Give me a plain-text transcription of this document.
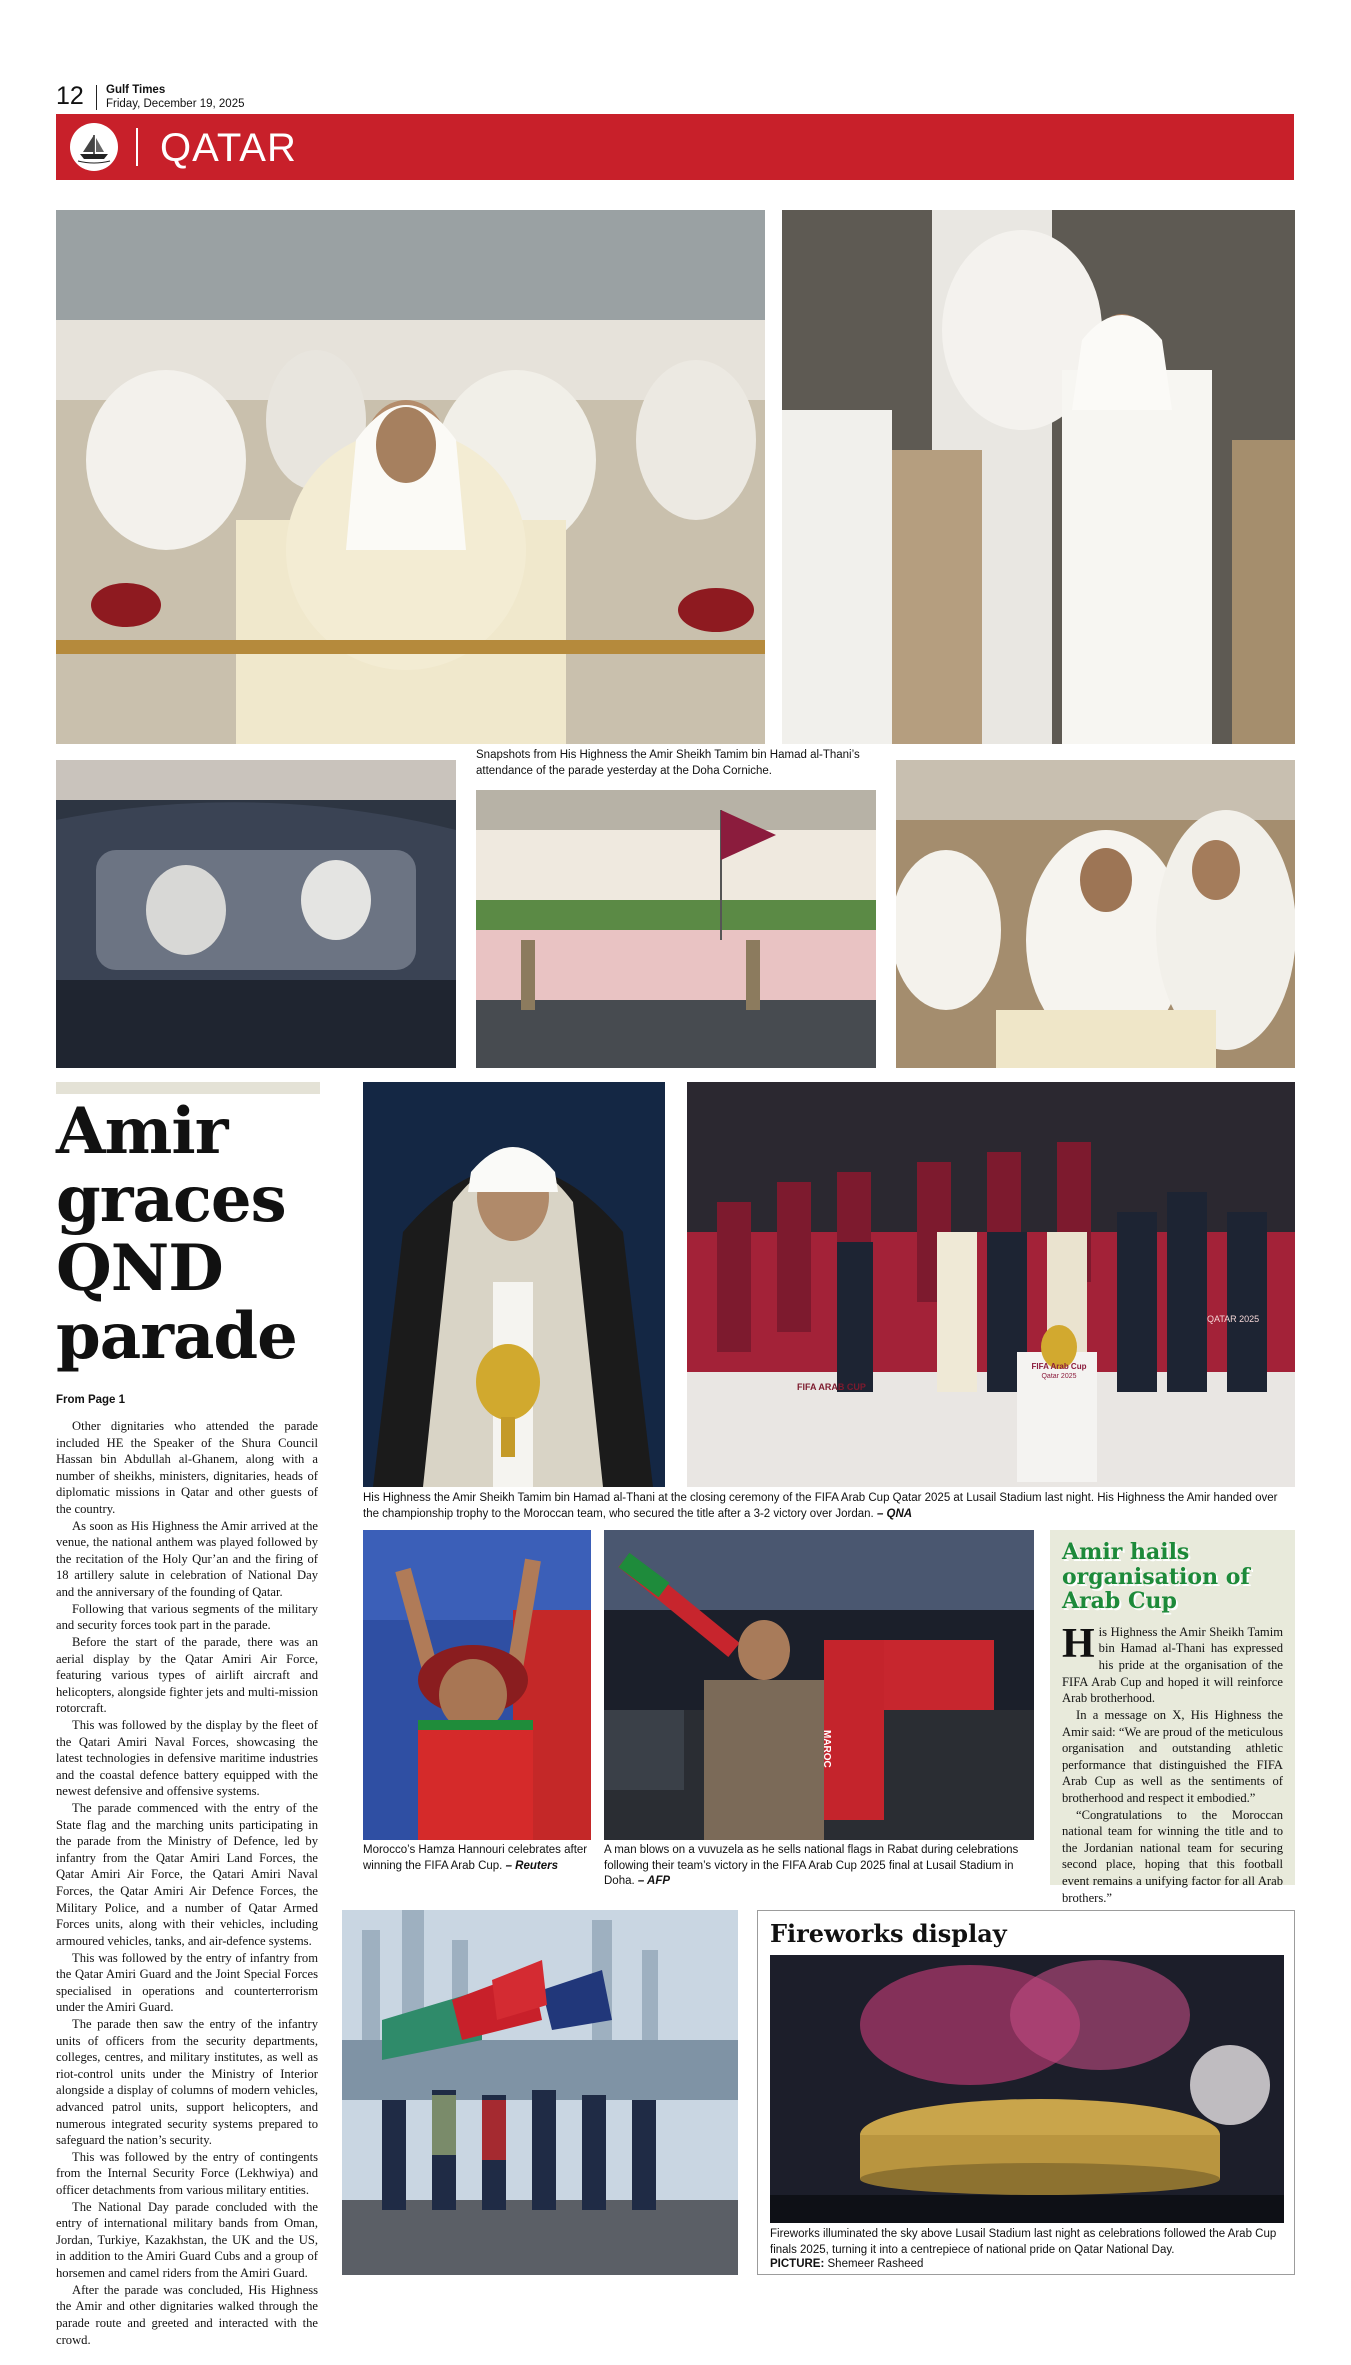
12 Gulf Times
Friday, December 19, 2025
QATAR
Snapshots from His Highness the Amir Sheikh Tamim bin Hamad al-Thani’s attendance of the parade yesterday at the Doha Corniche.
Amir
graces
QND
parade
From Page 1

Other dignitaries who attended the parade included HE the Speaker of the Shura Council Hassan bin Abdullah al-Ghanem, along with a number of sheikhs, ministers, dignitaries, heads of diplomatic missions in Qatar and other guests of the country.

As soon as His Highness the Amir arrived at the venue, the national anthem was played followed by the recitation of the Holy Qur’an and the firing of 18 artillery salute in celebration of National Day and the anniversary of the founding of Qatar.

Following that various segments of the military and security forces took part in the parade.

Before the start of the parade, there was an aerial display by the Qatar Amiri Air Force, featuring various types of airlift aircraft and helicopters, alongside fighter jets and multi-mission rotorcraft.

This was followed by the display by the fleet of the Qatari Amiri Naval Forces, showcasing the latest technologies in defensive maritime industries and the coastal defence battery equipped with the newest defensive and offensive systems.

The parade commenced with the entry of the State flag and the marching units participating in the parade from the Ministry of Defence, led by infantry from the Qatar Amiri Land Forces, the Qatar Amiri Air Force, the Qatari Amiri Naval Forces, the Qatar Amiri Air Defence Forces, the Military Police, and a number of Qatar Armed Forces units, along with their vehicles, including armoured vehicles, tanks, and air-defence systems.

This was followed by the entry of infantry from the Qatar Amiri Guard and the Joint Special Forces specialised in operations and counterterrorism under the Amiri Guard.

The parade then saw the entry of the infantry units of officers from the security departments, colleges, centres, and military institutes, as well as riot-control units under the Ministry of Interior alongside a display of columns of modern vehicles, advanced patrol units, support helicopters, and numerous integrated security systems prepared to safeguard the nation’s security.

This was followed by the entry of contingents from the Internal Security Force (Lekhwiya) and officer detachments from various military entities.

The National Day parade concluded with the entry of international military bands from Oman, Jordan, Turkiye, Kazakhstan, the UK and the US, in addition to the Amiri Guard Cubs and a group of horsemen and camel riders from the Amiri Guard.

After the parade was concluded, His Highness the Amir and other dignitaries walked through the parade route and greeted and interacted with the crowd.

FIFA Arab Cup
Qatar 2025
FIFA ARAB CUP
QATAR 2025
His Highness the Amir Sheikh Tamim bin Hamad al-Thani at the closing ceremony of the FIFA Arab Cup Qatar 2025 at Lusail Stadium last night. His Highness the Amir handed over the championship trophy to the Moroccan team, who secured the title after a 3-2 victory over Jordan. – QNA
MAROC
Morocco’s Hamza Hannouri celebrates after winning the FIFA Arab Cup. – Reuters
A man blows on a vuvuzela as he sells national flags in Rabat during celebrations following their team’s victory in the FIFA Arab Cup 2025 final at Lusail Stadium in Doha. – AFP
Amir hails organisation of Arab Cup

H is Highness the Amir Sheikh Tamim bin Hamad al-Thani has expressed his pride at the organisation of the FIFA Arab Cup and hoped it will reinforce Arab brotherhood.

In a message on X, His Highness the Amir said: “We are proud of the meticulous organisation and outstanding athletic performance that distinguished the FIFA Arab Cup as well as the sentiments of brotherhood and respect it embodied.”

“Congratulations to the Moroccan national team for winning the title and to the Jordanian national team for securing second place, hoping that this football event remains a unifying factor for all Arab brothers.”

Fireworks display
Fireworks illuminated the sky above Lusail Stadium last night as celebrations followed the Arab Cup finals 2025, turning it into a centrepiece of national pride on Qatar National Day.
PICTURE: Shemeer Rasheed
